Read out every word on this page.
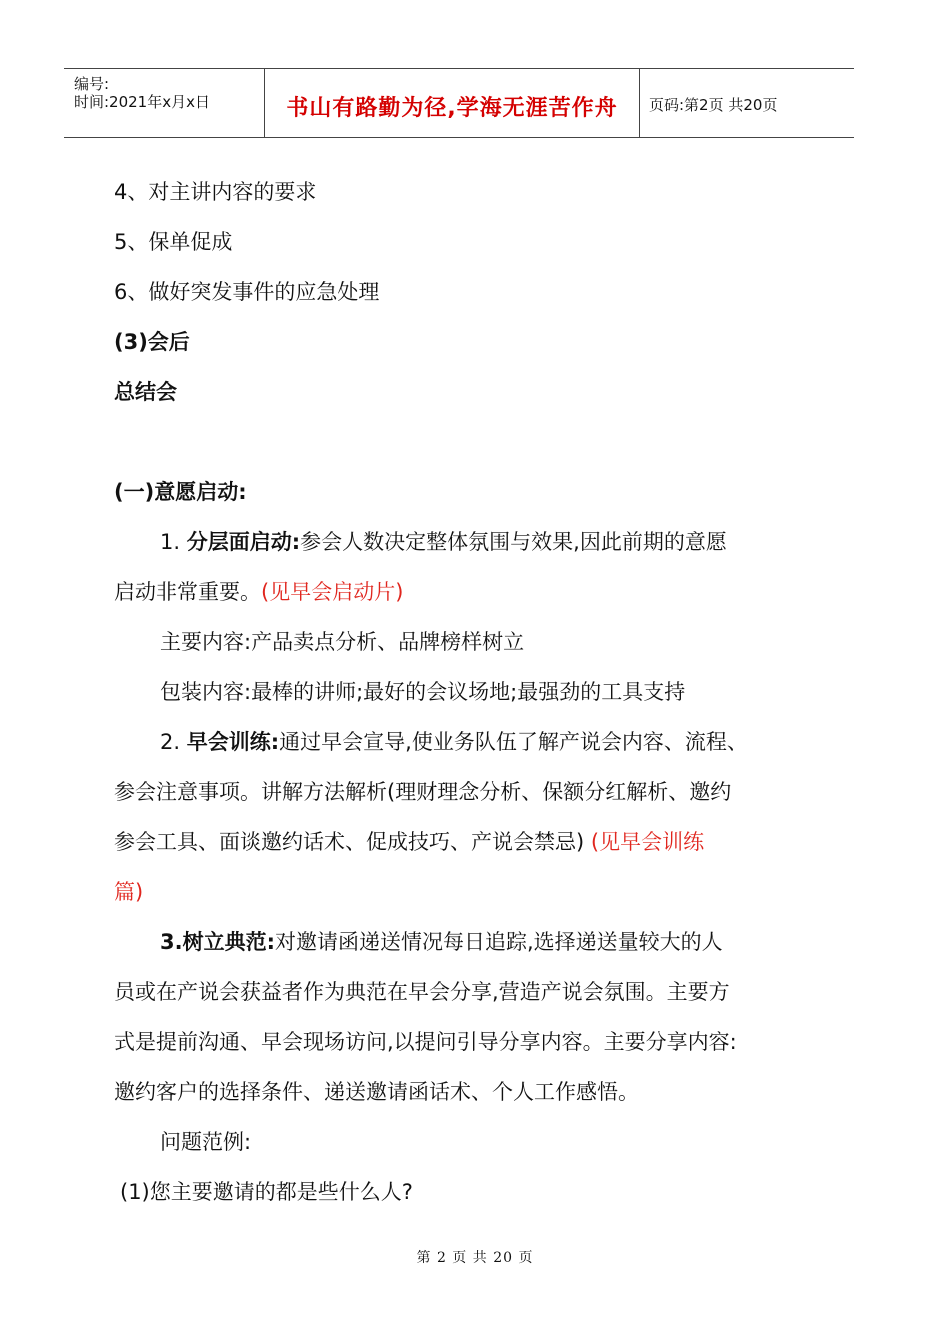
编号:
时间:2021年x月x日	书山有路勤为径,学海无涯苦作舟	页码:第2页 共20页
4、对主讲内容的要求
5、保单促成
6、做好突发事件的应急处理
(3)会后
总结会
(一)意愿启动:
1. 分层面启动:参会人数决定整体氛围与效果,因此前期的意愿
启动非常重要。(见早会启动片)
主要内容:产品卖点分析、品牌榜样树立
包装内容:最棒的讲师;最好的会议场地;最强劲的工具支持
2. 早会训练:通过早会宣导,使业务队伍了解产说会内容、流程、
参会注意事项。讲解方法解析(理财理念分析、保额分红解析、邀约
参会工具、面谈邀约话术、促成技巧、产说会禁忌) (见早会训练
篇)
3.树立典范:对邀请函递送情况每日追踪,选择递送量较大的人
员或在产说会获益者作为典范在早会分享,营造产说会氛围。主要方
式是提前沟通、早会现场访问,以提问引导分享内容。主要分享内容:
邀约客户的选择条件、递送邀请函话术、个人工作感悟。
问题范例:
(1)您主要邀请的都是些什么人?
第 2 页 共 20 页
